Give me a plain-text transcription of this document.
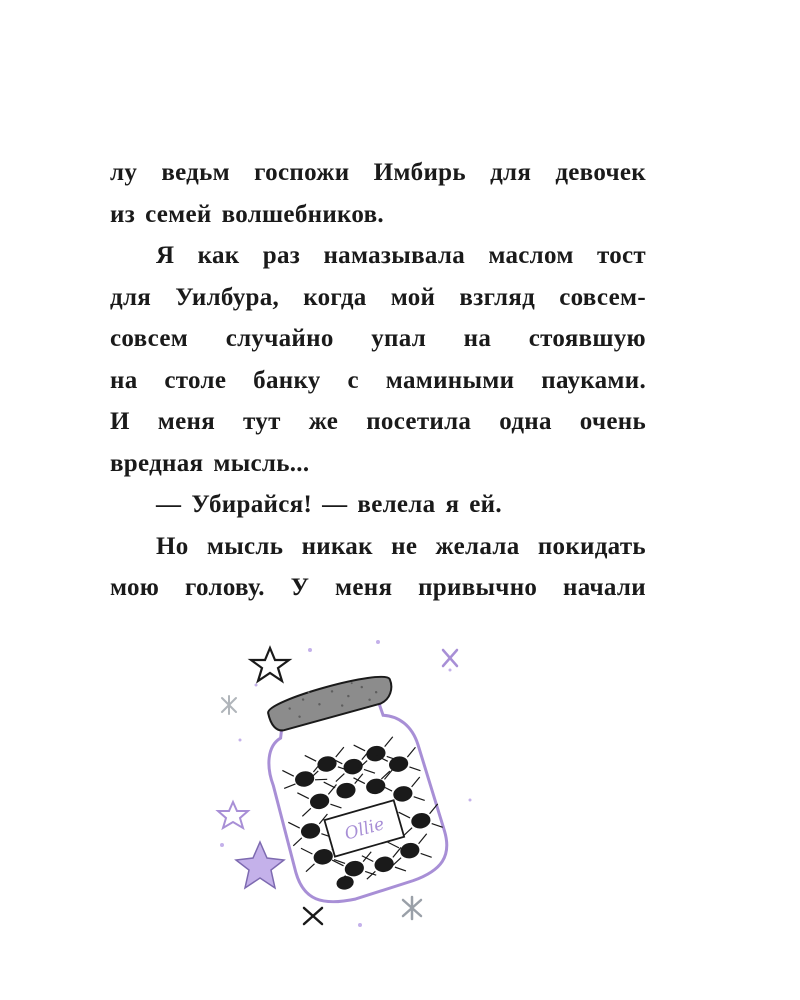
лу ведьм госпожи Имбирь для девочек
из семей волшебников.
Я как раз намазывала маслом тост
для Уилбура, когда мой взгляд совсем-
совсем случайно упал на стоявшую
на столе банку с мамиными пауками.
И меня тут же посетила одна очень
вредная мысль...
— Убирайся! — велела я ей.
Но мысль никак не желала покидать
мою голову. У меня привычно начали
Ollie
